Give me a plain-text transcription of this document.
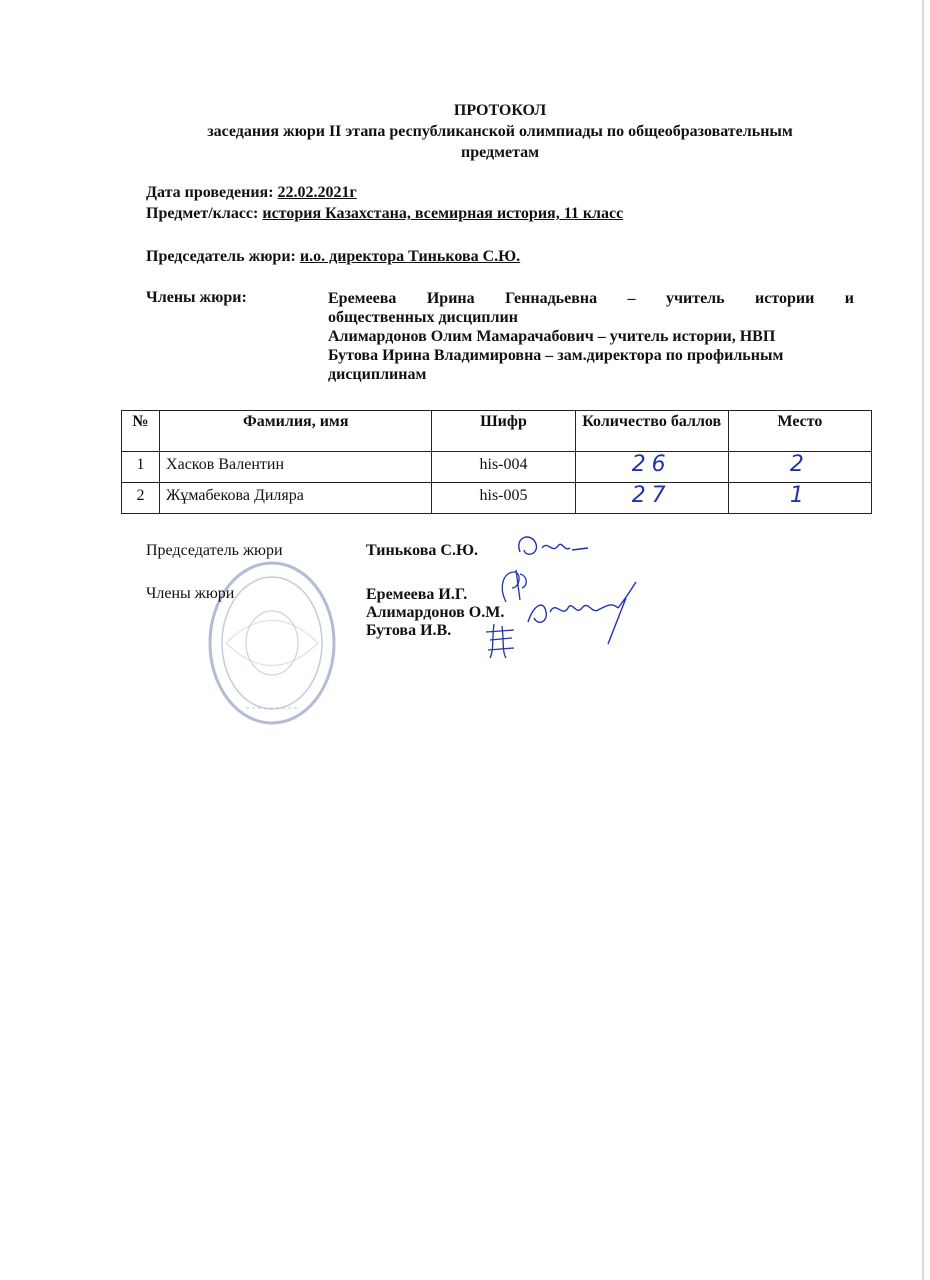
ПРОТОКОЛ
заседания жюри II этапа республиканской олимпиады по общеобразовательным
предметам
Дата проведения: 22.02.2021г
Предмет/класс: история Казахстана, всемирная история, 11 класс
Председатель жюри: и.о. директора Тинькова С.Ю.
Члены жюри:	Еремеева Ирина Геннадьевна – учитель истории и
общественных дисциплин
Алимардонов Олим Мамарачабович – учитель истории, НВП
Бутова Ирина Владимировна – зам.директора по профильным
дисциплинам
№	Фамилия, имя	Шифр	Количество баллов	Место
1	Хасков Валентин	his-004	26	2
2	Жұмабекова Диляра	his-005	27	1
Председатель жюри	Тинькова С.Ю.
Члены жюри	Еремеева И.Г.
Алимардонов О.М.
Бутова И.В.
